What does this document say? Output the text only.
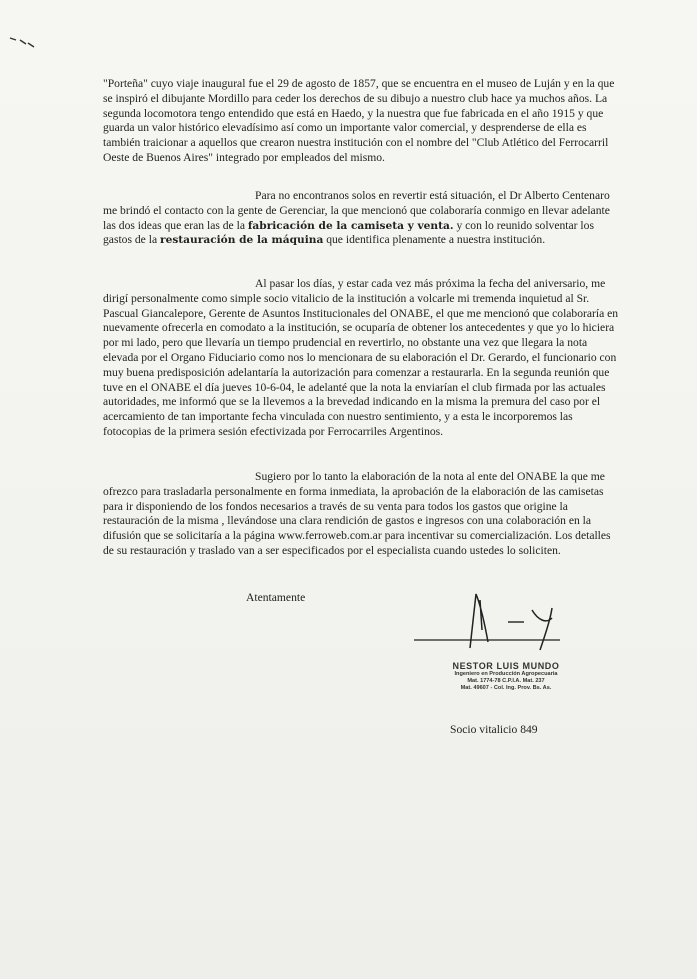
"Porteña" cuyo viaje inaugural fue el 29 de agosto de 1857, que se encuentra en el museo de Luján y en la que se inspiró el dibujante Mordillo para ceder los derechos de su dibujo a nuestro club hace ya muchos años. La segunda locomotora tengo entendido que está en Haedo, y la nuestra que fue fabricada en el año 1915 y que guarda un valor histórico elevadísimo así como un importante valor comercial, y desprenderse de ella es también traicionar a aquellos que crearon nuestra institución con el nombre del "Club Atlético del Ferrocarril Oeste de Buenos Aires" integrado por empleados del mismo.

Para no encontranos solos en revertir está situación, el Dr Alberto Centenaro me brindó el contacto con la gente de Gerenciar, la que mencionó que colaboraría conmigo en llevar adelante las dos ideas que eran las de la fabricación de la camiseta y venta. y con lo reunido solventar los gastos de la restauración de la máquina que identifica plenamente a nuestra institución.

Al pasar los días, y estar cada vez más próxima la fecha del aniversario, me dirigí personalmente como simple socio vitalicio de la institución a volcarle mi tremenda inquietud al Sr. Pascual Giancalepore, Gerente de Asuntos Institucionales del ONABE, el que me mencionó que colaboraría en nuevamente ofrecerla en comodato a la institución, se ocuparía de obtener los antecedentes y que yo lo hiciera por mi lado, pero que llevaría un tiempo prudencial en revertirlo, no obstante una vez que llegara la nota elevada por el Organo Fiduciario como nos lo mencionara de su elaboración el Dr. Gerardo, el funcionario con muy buena predisposición adelantaría la autorización para comenzar a restaurarla. En la segunda reunión que tuve en el ONABE el día jueves 10-6-04, le adelanté que la nota la enviarían el club firmada por las actuales autoridades, me informó que se la llevemos a la brevedad indicando en la misma la premura del caso por el acercamiento de tan importante fecha vinculada con nuestro sentimiento, y a esta le incorporemos las fotocopias de la primera sesión efectivizada por Ferrocarriles Argentinos.

Sugiero por lo tanto la elaboración de la nota al ente del ONABE la que me ofrezco para trasladarla personalmente en forma inmediata, la aprobación de la elaboración de las camisetas para ir disponiendo de los fondos necesarios a través de su venta para todos los gastos que origine la restauración de la misma , llevándose una clara rendición de gastos e ingresos con una colaboración en la difusión que se solicitaría a la página www.ferroweb.com.ar para incentivar su comercialización. Los detalles de su restauración y traslado van a ser especificados por el especialista cuando ustedes lo soliciten.

Atentamente
NESTOR LUIS MUNDO
Ingeniero en Producción Agropecuaria
Mat. 1774-78 C.P.I.A. Mat. 237
Mat. 49607 - Col. Ing. Prov. Bs. As.
Socio vitalicio 849
